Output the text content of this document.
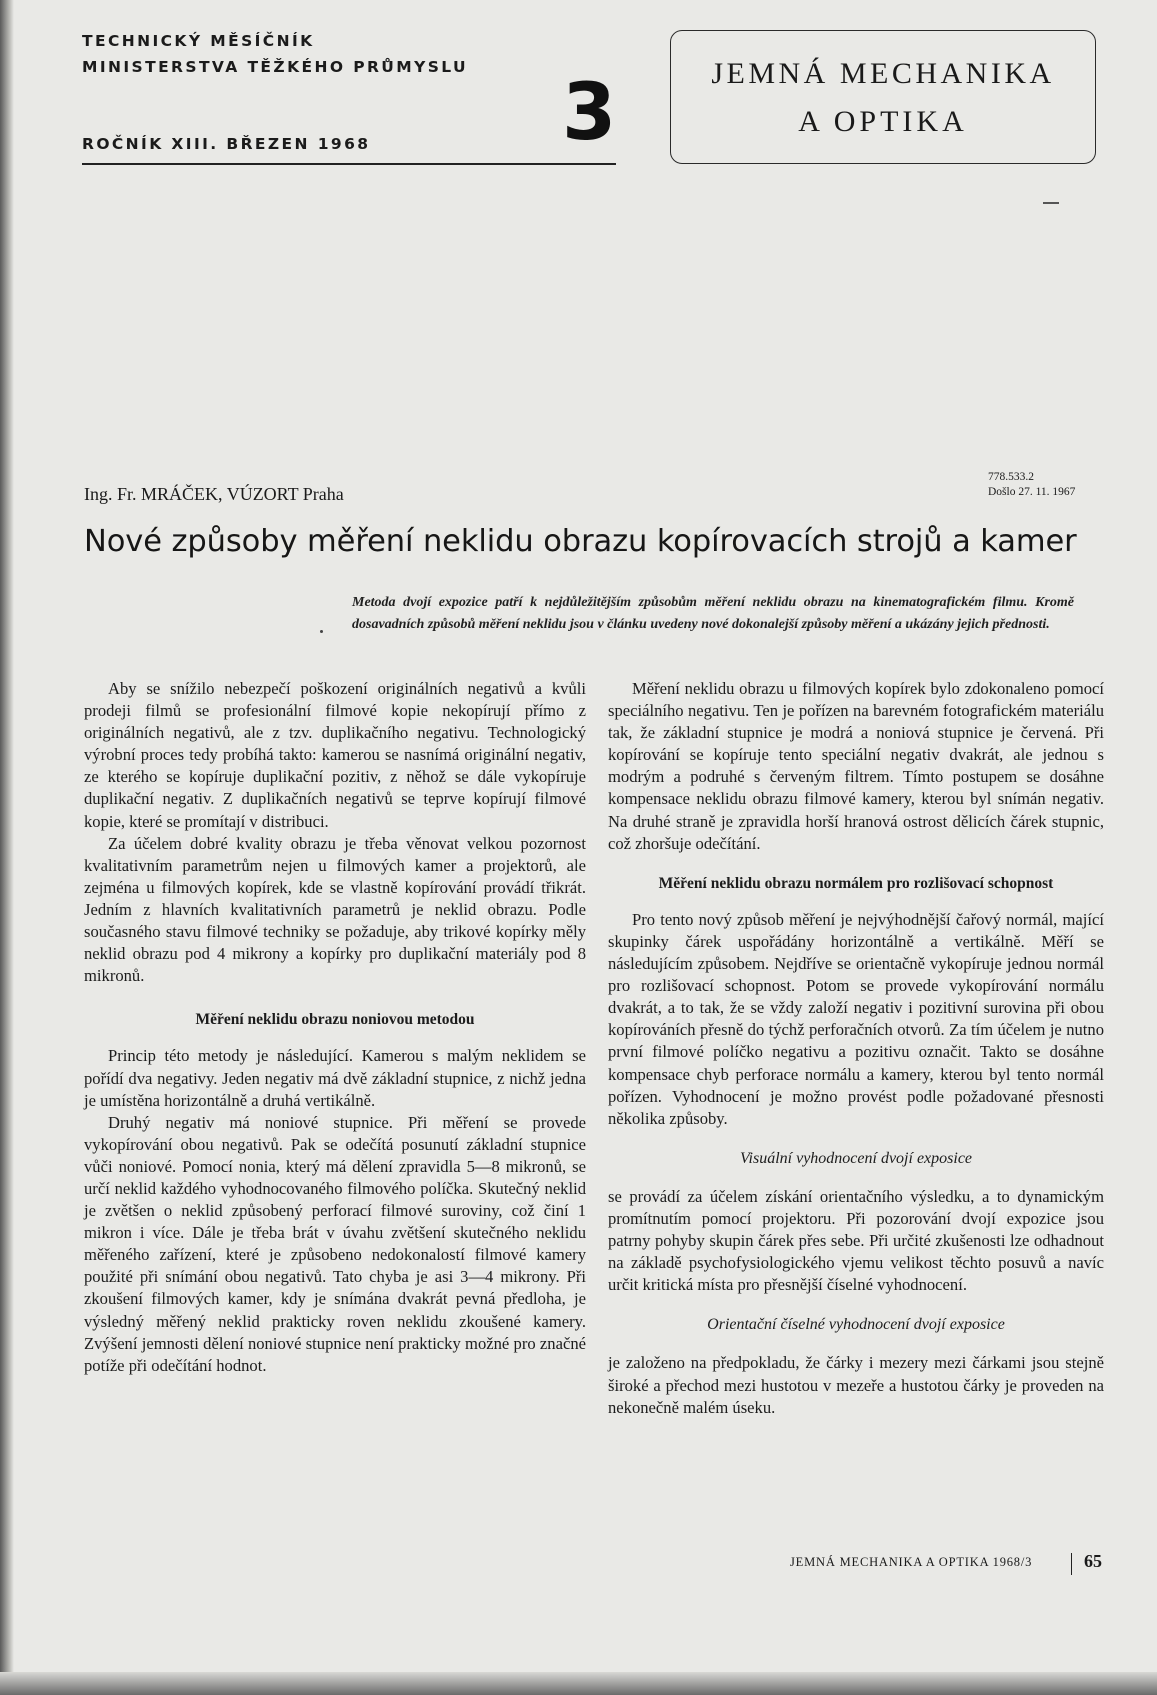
TECHNICKÝ MĚSÍČNÍK
MINISTERSTVA TĚŽKÉHO PRŮMYSLU
ROČNÍK XIII. BŘEZEN 1968 3	JEMNÁ MECHANIKA
A OPTIKA
Ing. Fr. MRÁČEK, VÚZORT Praha
778.533.2
Došlo 27. 11. 1967
Nové způsoby měření neklidu obrazu kopírovacích strojů a kamer
Metoda dvojí expozice patří k nejdůležitějším způsobům měření neklidu obrazu na kinematografickém filmu. Kromě dosavadních způsobů měření neklidu jsou v článku uvedeny nové dokonalejší způsoby měření a ukázány jejich přednosti.

Aby se snížilo nebezpečí poškození originálních negativů a kvůli prodeji filmů se profesionální filmové kopie nekopírují přímo z originálních negativů, ale z tzv. duplikačního negativu. Technologický výrobní proces tedy probíhá takto: kamerou se nasnímá originální negativ, ze kterého se kopíruje duplikační pozitiv, z něhož se dále vykopíruje duplikační negativ. Z duplikačních negativů se teprve kopírují filmové kopie, které se promítají v distribuci.

Za účelem dobré kvality obrazu je třeba věnovat velkou pozornost kvalitativním parametrům nejen u filmových kamer a projektorů, ale zejména u filmových kopírek, kde se vlastně kopírování provádí třikrát. Jedním z hlavních kvalitativních parametrů je neklid obrazu. Podle současného stavu filmové techniky se požaduje, aby trikové kopírky měly neklid obrazu pod 4 mikrony a kopírky pro duplikační materiály pod 8 mikronů.

Měření neklidu obrazu noniovou metodou

Princip této metody je následující. Kamerou s malým neklidem se pořídí dva negativy. Jeden negativ má dvě základní stupnice, z nichž jedna je umístěna horizontálně a druhá vertikálně.

Druhý negativ má noniové stupnice. Při měření se provede vykopírování obou negativů. Pak se odečítá posunutí základní stupnice vůči noniové. Pomocí nonia, který má dělení zpravidla 5—8 mikronů, se určí neklid každého vyhodnocovaného filmového políčka. Skutečný neklid je zvětšen o neklid způsobený perforací filmové suroviny, což činí 1 mikron i více. Dále je třeba brát v úvahu zvětšení skutečného neklidu měřeného zařízení, které je způsobeno nedokonalostí filmové kamery použité při snímání obou negativů. Tato chyba je asi 3—4 mikrony. Při zkoušení filmových kamer, kdy je snímána dvakrát pevná předloha, je výsledný měřený neklid prakticky roven neklidu zkoušené kamery. Zvýšení jemnosti dělení noniové stupnice není prakticky možné pro značné potíže při odečítání hodnot.

Měření neklidu obrazu u filmových kopírek bylo zdokonaleno pomocí speciálního negativu. Ten je pořízen na barevném fotografickém materiálu tak, že základní stupnice je modrá a noniová stupnice je červená. Při kopírování se kopíruje tento speciální negativ dvakrát, ale jednou s modrým a podruhé s červeným filtrem. Tímto postupem se dosáhne kompensace neklidu obrazu filmové kamery, kterou byl snímán negativ. Na druhé straně je zpravidla horší hranová ostrost dělicích čárek stupnic, což zhoršuje odečítání.

Měření neklidu obrazu normálem pro rozlišovací schopnost

Pro tento nový způsob měření je nejvýhodnější čařový normál, mající skupinky čárek uspořádány horizontálně a vertikálně. Měří se následujícím způsobem. Nejdříve se orientačně vykopíruje jednou normál pro rozlišovací schopnost. Potom se provede vykopírování normálu dvakrát, a to tak, že se vždy založí negativ i pozitivní surovina při obou kopírováních přesně do týchž perforačních otvorů. Za tím účelem je nutno první filmové políčko negativu a pozitivu označit. Takto se dosáhne kompensace chyb perforace normálu a kamery, kterou byl tento normál pořízen. Vyhodnocení je možno provést podle požadované přesnosti několika způsoby.

Visuální vyhodnocení dvojí exposice

se provádí za účelem získání orientačního výsledku, a to dynamickým promítnutím pomocí projektoru. Při pozorování dvojí expozice jsou patrny pohyby skupin čárek přes sebe. Při určité zkušenosti lze odhadnout na základě psychofysiologického vjemu velikost těchto posuvů a navíc určit kritická místa pro přesnější číselné vyhodnocení.

Orientační číselné vyhodnocení dvojí exposice

je založeno na předpokladu, že čárky i mezery mezi čárkami jsou stejně široké a přechod mezi hustotou v mezeře a hustotou čárky je proveden na nekonečně malém úseku.

JEMNÁ MECHANIKA A OPTIKA 1968/3	65
